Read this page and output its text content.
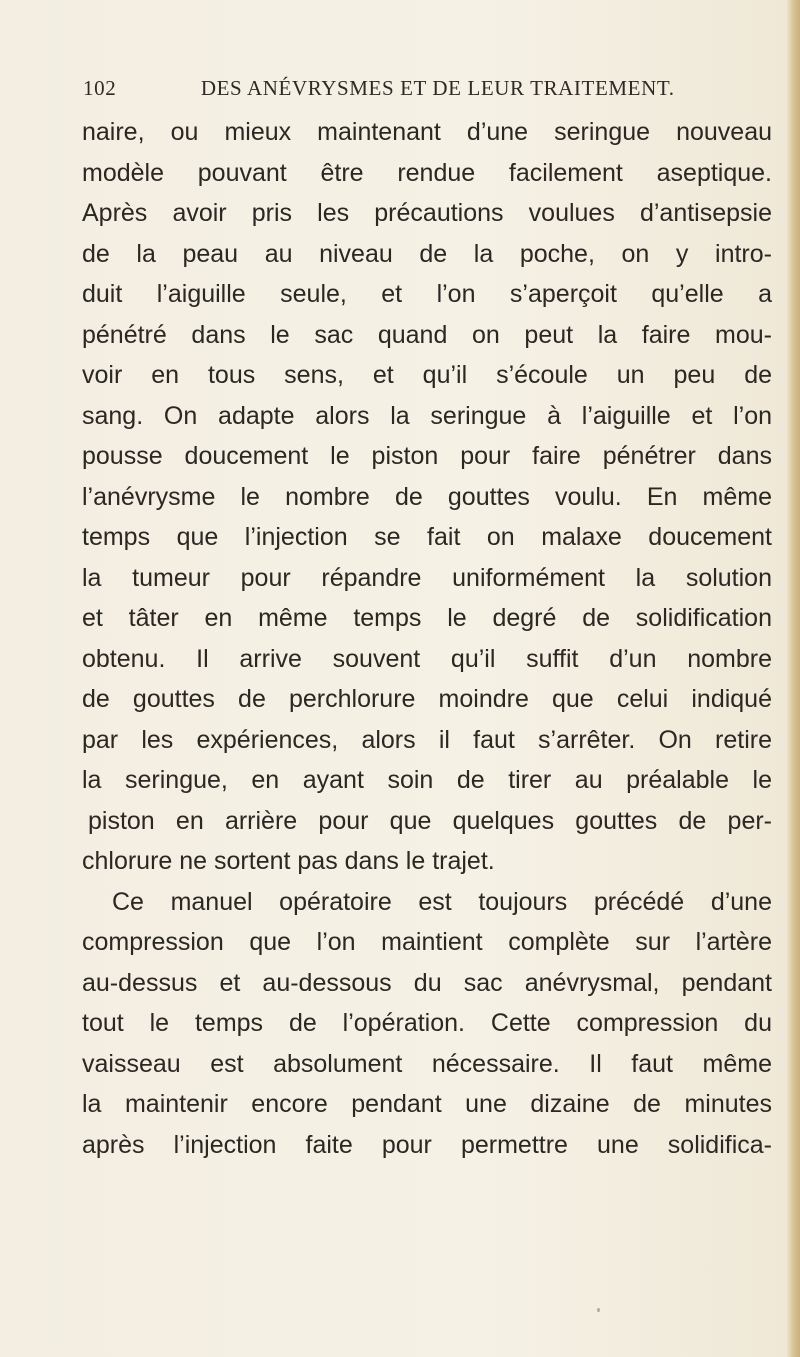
102	DES ANÉVRYSMES ET DE LEUR TRAITEMENT.
naire, ou mieux maintenant d’une seringue nouveau
modèle pouvant être rendue facilement aseptique.
Après avoir pris les précautions voulues d’antisepsie
de la peau au niveau de la poche, on y intro-
duit l’aiguille seule, et l’on s’aperçoit qu’elle a
pénétré dans le sac quand on peut la faire mou-
voir en tous sens, et qu’il s’écoule un peu de
sang. On adapte alors la seringue à l’aiguille et l’on
pousse doucement le piston pour faire pénétrer dans
l’anévrysme le nombre de gouttes voulu. En même
temps que l’injection se fait on malaxe doucement
la tumeur pour répandre uniformément la solution
et tâter en même temps le degré de solidification
obtenu. Il arrive souvent qu’il suffit d’un nombre
de gouttes de perchlorure moindre que celui indiqué
par les expériences, alors il faut s’arrêter. On retire
la seringue, en ayant soin de tirer au préalable le
piston en arrière pour que quelques gouttes de per-
chlorure ne sortent pas dans le trajet.
Ce manuel opératoire est toujours précédé d’une
compression que l’on maintient complète sur l’artère
au-dessus et au-dessous du sac anévrysmal, pendant
tout le temps de l’opération. Cette compression du
vaisseau est absolument nécessaire. Il faut même
la maintenir encore pendant une dizaine de minutes
après l’injection faite pour permettre une solidifica-
